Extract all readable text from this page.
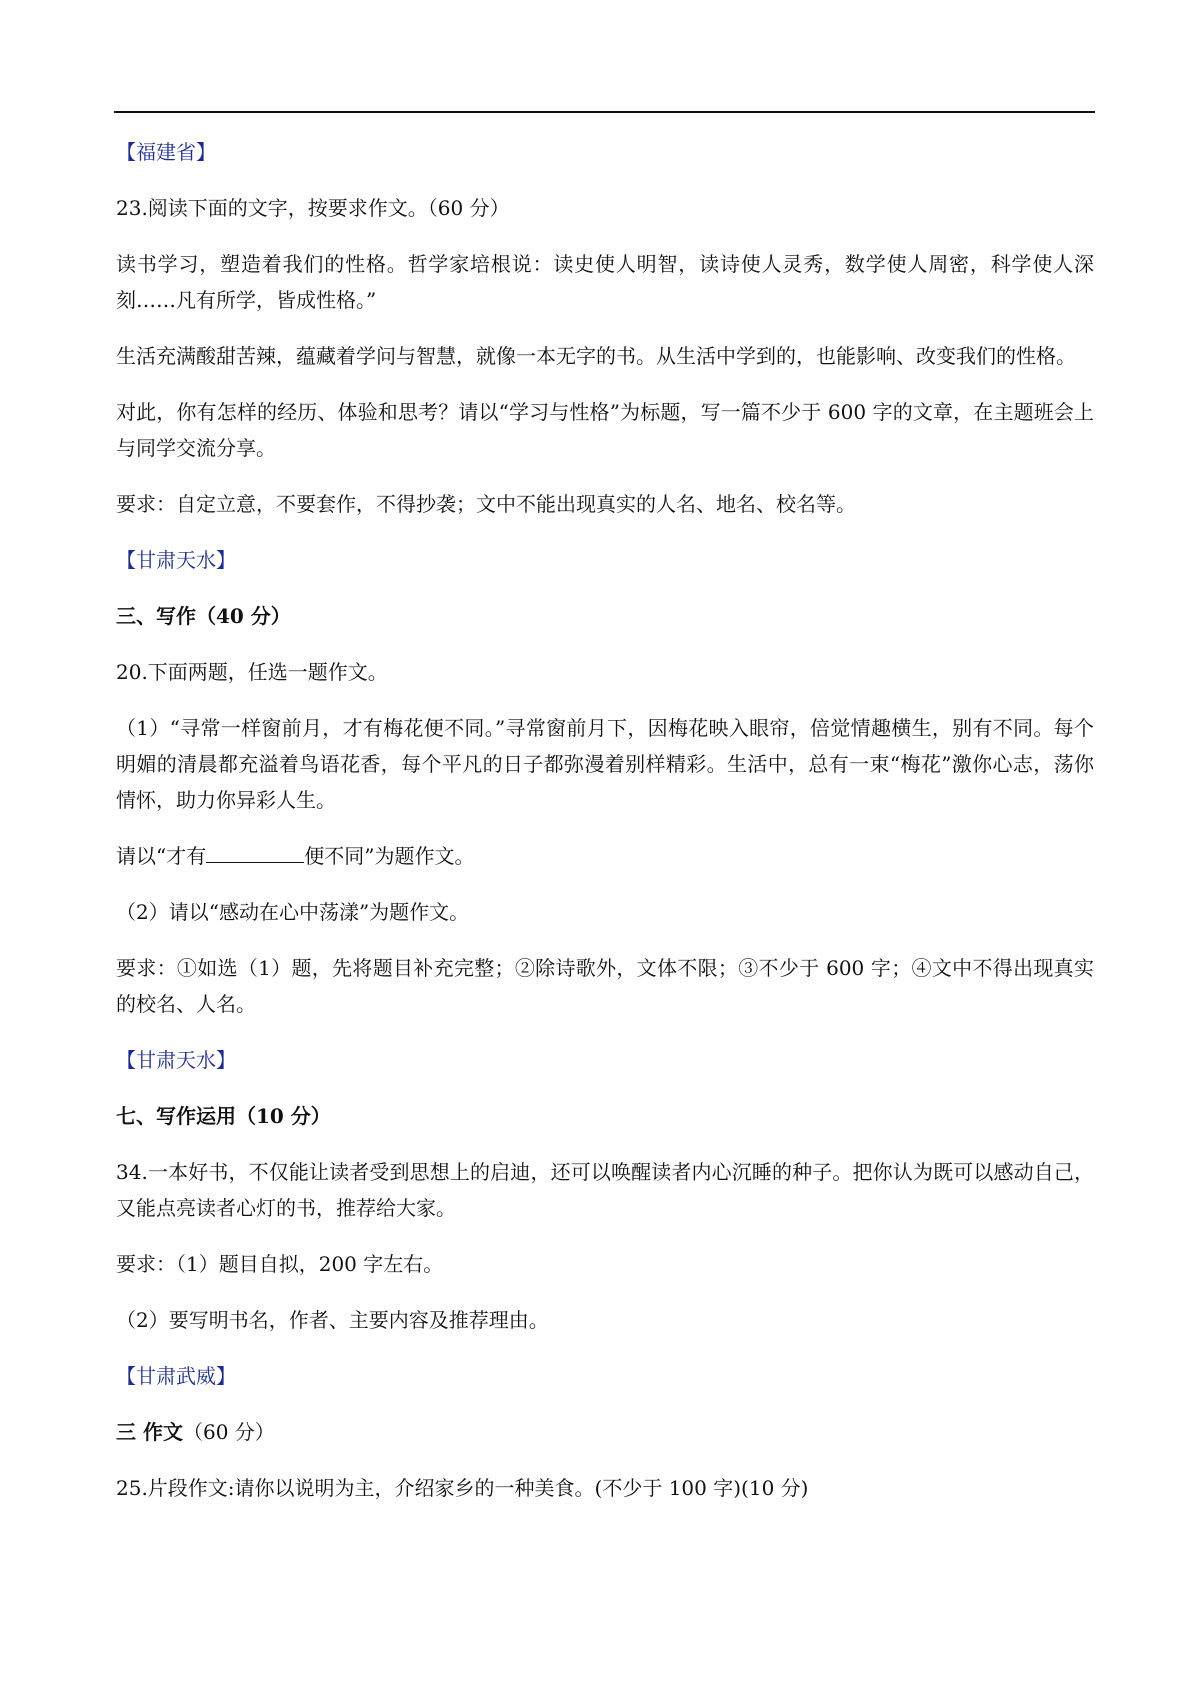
【福建省】

23.阅读下面的文字，按要求作文。（60 分）

读书学习，塑造着我们的性格。哲学家培根说：读史使人明智，读诗使人灵秀，数学使人周密，科学使人深刻……凡有所学，皆成性格。”

生活充满酸甜苦辣，蕴藏着学问与智慧，就像一本无字的书。从生活中学到的，也能影响、改变我们的性格。

对此，你有怎样的经历、体验和思考？请以“学习与性格”为标题，写一篇不少于 600 字的文章，在主题班会上与同学交流分享。

要求：自定立意，不要套作，不得抄袭；文中不能出现真实的人名、地名、校名等。

【甘肃天水】

三、写作（40 分）

20.下面两题，任选一题作文。

（1）“寻常一样窗前月，才有梅花便不同。”寻常窗前月下，因梅花映入眼帘，倍觉情趣横生，别有不同。每个明媚的清晨都充溢着鸟语花香，每个平凡的日子都弥漫着别样精彩。生活中，总有一束“梅花”激你心志，荡你情怀，助力你异彩人生。

请以“才有	便不同”为题作文。

（2）请以“感动在心中荡漾”为题作文。

要求：①如选（1）题，先将题目补充完整；②除诗歌外，文体不限；③不少于 600 字；④文中不得出现真实的校名、人名。

【甘肃天水】

七、写作运用（10 分）

34.一本好书，不仅能让读者受到思想上的启迪，还可以唤醒读者内心沉睡的种子。把你认为既可以感动自己，又能点亮读者心灯的书，推荐给大家。

要求：（1）题目自拟，200 字左右。

（2）要写明书名，作者、主要内容及推荐理由。

【甘肃武威】

三 作文（60 分）

25.片段作文:请你以说明为主，介绍家乡的一种美食。(不少于 100 字)(10 分)
